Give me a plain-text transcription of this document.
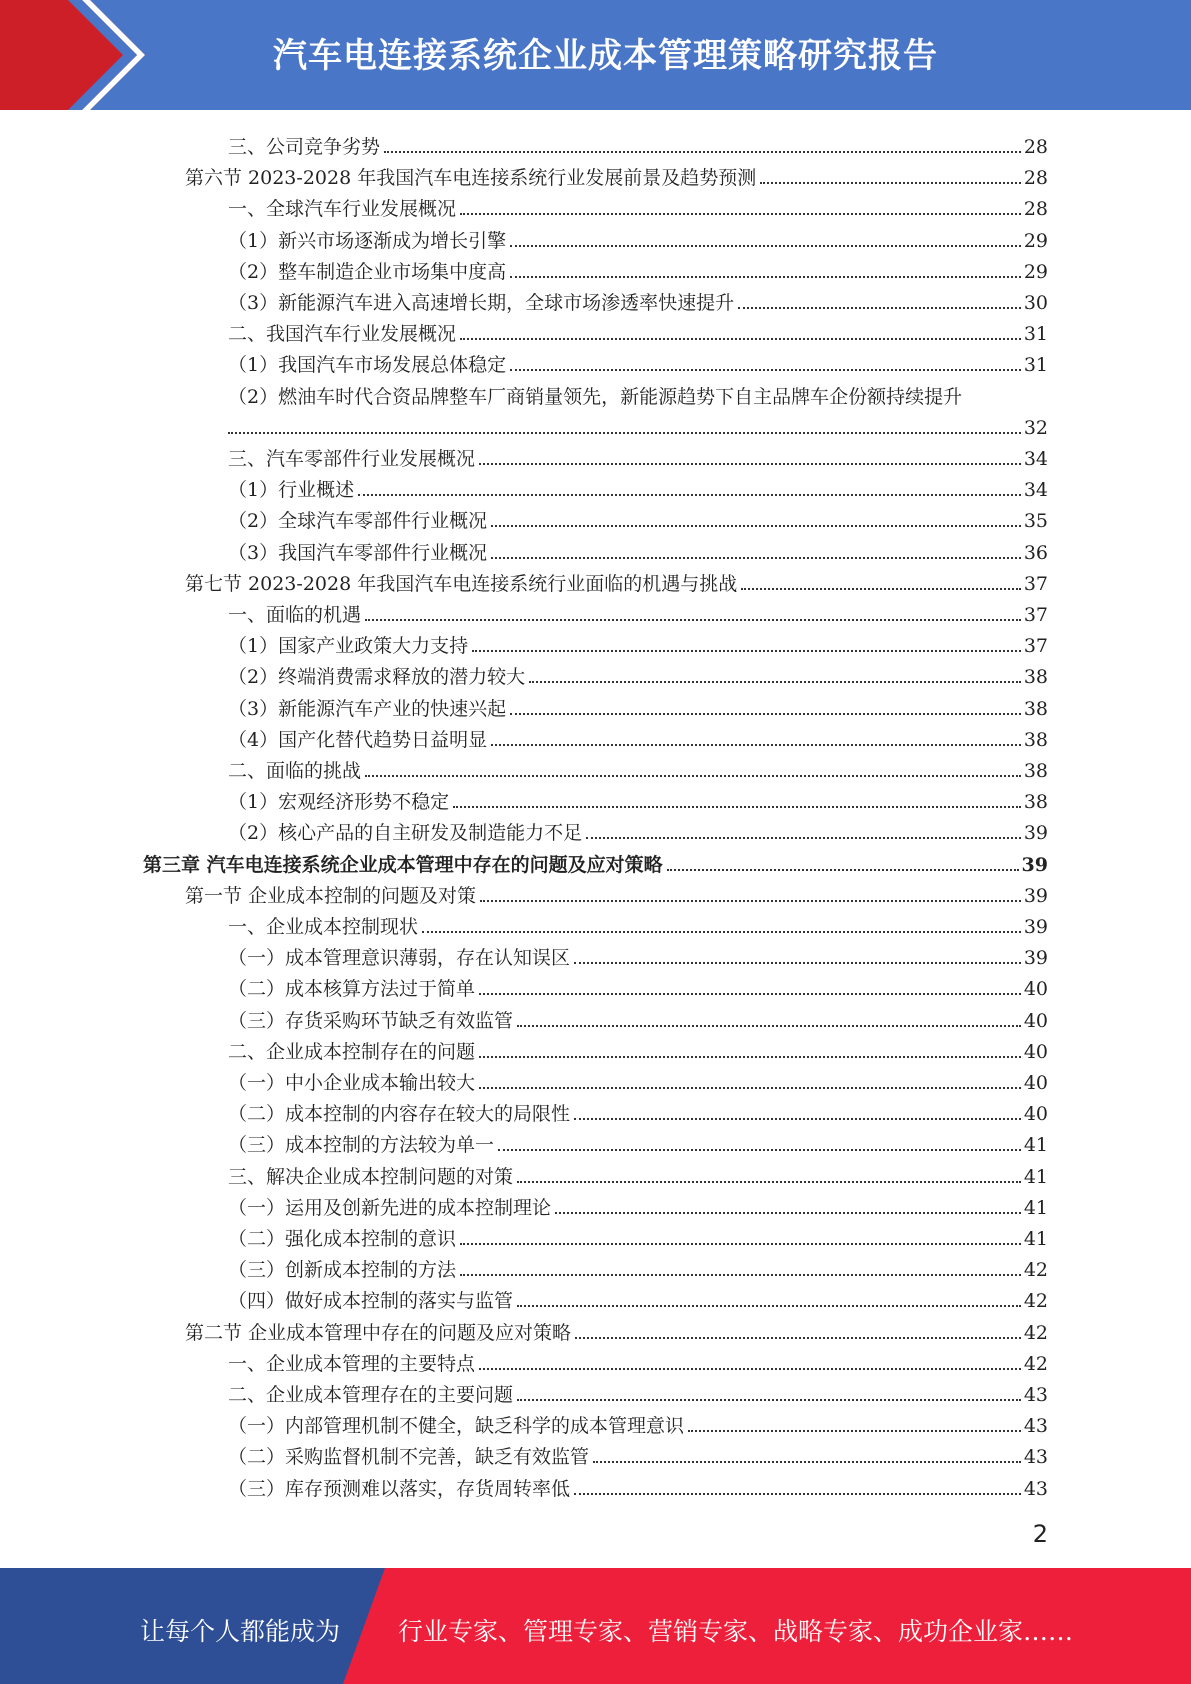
汽车电连接系统企业成本管理策略研究报告
三、公司竞争劣势	28
第六节 2023-2028 年我国汽车电连接系统行业发展前景及趋势预测	28
一、全球汽车行业发展概况	28
（1）新兴市场逐渐成为增长引擎	29
（2）整车制造企业市场集中度高	29
（3）新能源汽车进入高速增长期，全球市场渗透率快速提升	30
二、我国汽车行业发展概况	31
（1）我国汽车市场发展总体稳定	31
（2）燃油车时代合资品牌整车厂商销量领先，新能源趋势下自主品牌车企份额持续提升
32
三、汽车零部件行业发展概况	34
（1）行业概述	34
（2）全球汽车零部件行业概况	35
（3）我国汽车零部件行业概况	36
第七节 2023-2028 年我国汽车电连接系统行业面临的机遇与挑战	37
一、面临的机遇	37
（1）国家产业政策大力支持	37
（2）终端消费需求释放的潜力较大	38
（3）新能源汽车产业的快速兴起	38
（4）国产化替代趋势日益明显	38
二、面临的挑战	38
（1）宏观经济形势不稳定	38
（2）核心产品的自主研发及制造能力不足	39
第三章 汽车电连接系统企业成本管理中存在的问题及应对策略	39
第一节 企业成本控制的问题及对策	39
一、企业成本控制现状	39
（一）成本管理意识薄弱，存在认知误区	39
（二）成本核算方法过于简单	40
（三）存货采购环节缺乏有效监管	40
二、企业成本控制存在的问题	40
（一）中小企业成本输出较大	40
（二）成本控制的内容存在较大的局限性	40
（三）成本控制的方法较为单一	41
三、解决企业成本控制问题的对策	41
（一）运用及创新先进的成本控制理论	41
（二）强化成本控制的意识	41
（三）创新成本控制的方法	42
（四）做好成本控制的落实与监管	42
第二节 企业成本管理中存在的问题及应对策略	42
一、企业成本管理的主要特点	42
二、企业成本管理存在的主要问题	43
（一）内部管理机制不健全，缺乏科学的成本管理意识	43
（二）采购监督机制不完善，缺乏有效监管	43
（三）库存预测难以落实，存货周转率低	43
2
让每个人都能成为 行业专家、管理专家、营销专家、战略专家、成功企业家……
